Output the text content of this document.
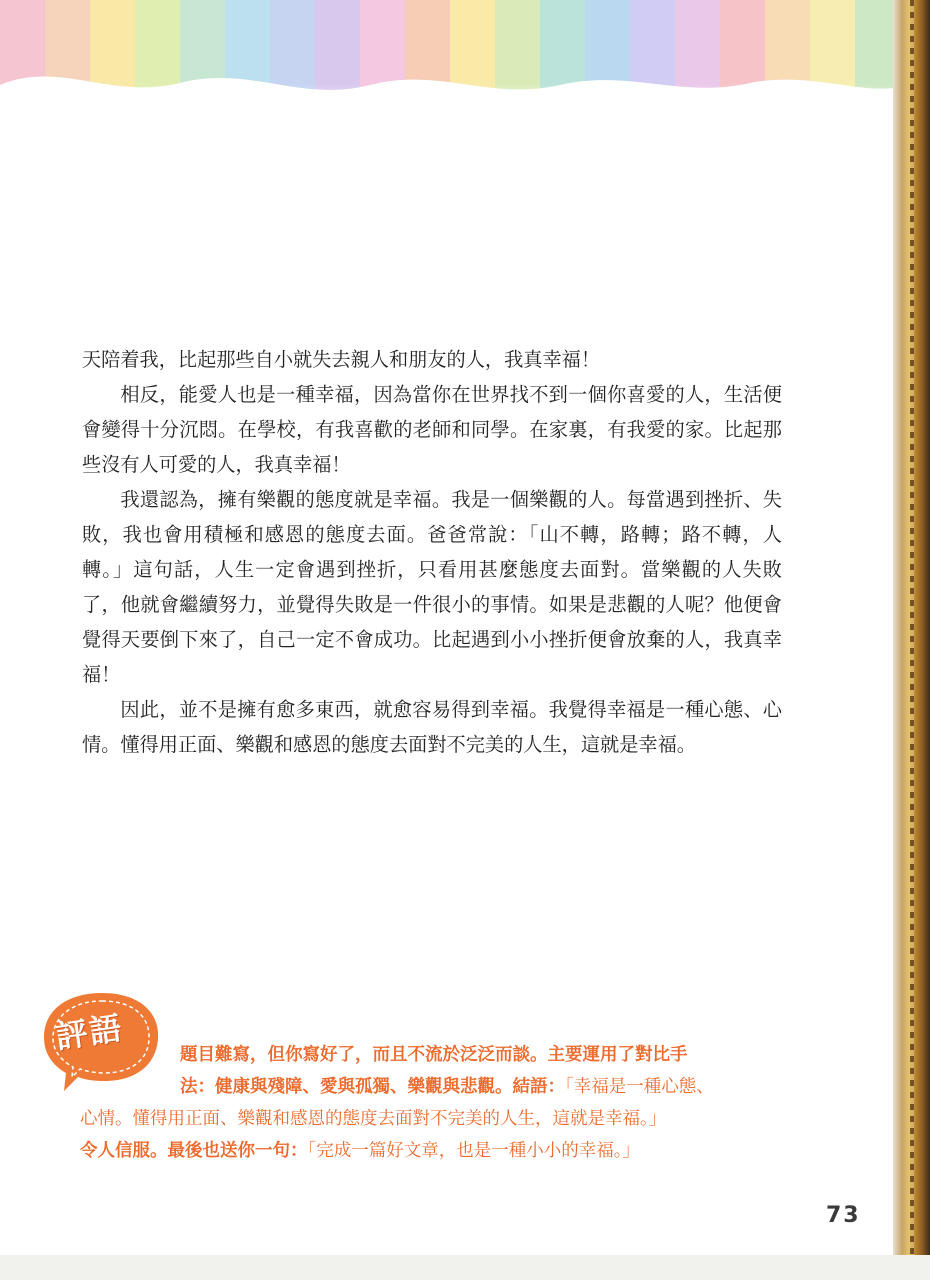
天陪着我，比起那些自小就失去親人和朋友的人，我真幸福！

相反，能愛人也是一種幸福，因為當你在世界找不到一個你喜愛的人，生活便會變得十分沉悶。在學校，有我喜歡的老師和同學。在家裏，有我愛的家。比起那些沒有人可愛的人，我真幸福！

我還認為，擁有樂觀的態度就是幸福。我是一個樂觀的人。每當遇到挫折、失敗，我也會用積極和感恩的態度去面。爸爸常說：「山不轉，路轉；路不轉，人轉。」這句話，人生一定會遇到挫折，只看用甚麼態度去面對。當樂觀的人失敗了，他就會繼續努力，並覺得失敗是一件很小的事情。如果是悲觀的人呢？他便會覺得天要倒下來了，自己一定不會成功。比起遇到小小挫折便會放棄的人，我真幸福！

因此，並不是擁有愈多東西，就愈容易得到幸福。我覺得幸福是一種心態、心情。懂得用正面、樂觀和感恩的態度去面對不完美的人生，這就是幸福。

評語	題目難寫，但你寫好了，而且不流於泛泛而談。主要運用了對比手
法：健康與殘障、愛與孤獨、樂觀與悲觀。結語：「幸福是一種心態、
心情。懂得用正面、樂觀和感恩的態度去面對不完美的人生，這就是幸福。」
令人信服。最後也送你一句：「完成一篇好文章，也是一種小小的幸福。」
73
